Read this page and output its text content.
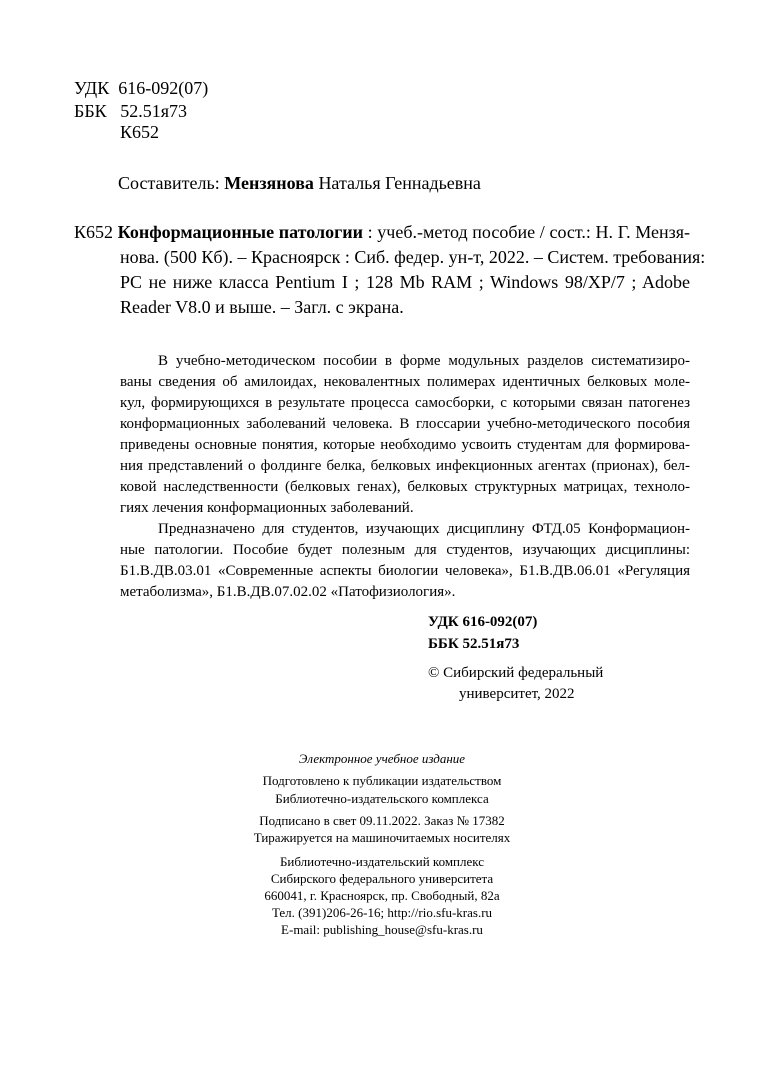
УДК 616-092(07)
ББК 52.51я73
К652
Составитель: Мензянова Наталья Геннадьевна
К652 Конформационные патологии : учеб.-метод пособие / сост.: Н. Г. Мензя-
нова. (500 Кб). – Красноярск : Сиб. федер. ун-т, 2022. – Систем. требования:
PC не ниже класса Pentium I ; 128 Mb RAM ; Windows 98/XP/7 ; Adobe
Reader V8.0 и выше. – Загл. с экрана.
В учебно-методическом пособии в форме модульных разделов систематизиро-
ваны сведения об амилоидах, нековалентных полимерах идентичных белковых моле-
кул, формирующихся в результате процесса самосборки, с которыми связан патогенез
конформационных заболеваний человека. В глоссарии учебно-методического пособия
приведены основные понятия, которые необходимо усвоить студентам для формирова-
ния представлений о фолдинге белка, белковых инфекционных агентах (прионах), бел-
ковой наследственности (белковых генах), белковых структурных матрицах, техноло-
гиях лечения конформационных заболеваний.
Предназначено для студентов, изучающих дисциплину ФТД.05 Конформацион-
ные патологии. Пособие будет полезным для студентов, изучающих дисциплины:
Б1.В.ДВ.03.01 «Современные аспекты биологии человека», Б1.В.ДВ.06.01 «Регуляция
метаболизма», Б1.В.ДВ.07.02.02 «Патофизиология».
УДК 616-092(07)
ББК 52.51я73
© Сибирский федеральный
университет, 2022
Электронное учебное издание
Подготовлено к публикации издательством
Библиотечно-издательского комплекса
Подписано в свет 09.11.2022. Заказ № 17382
Тиражируется на машиночитаемых носителях
Библиотечно-издательский комплекс
Сибирского федерального университета
660041, г. Красноярск, пр. Свободный, 82а
Тел. (391)206-26-16; http://rio.sfu-kras.ru
E-mail: publishing_house@sfu-kras.ru
